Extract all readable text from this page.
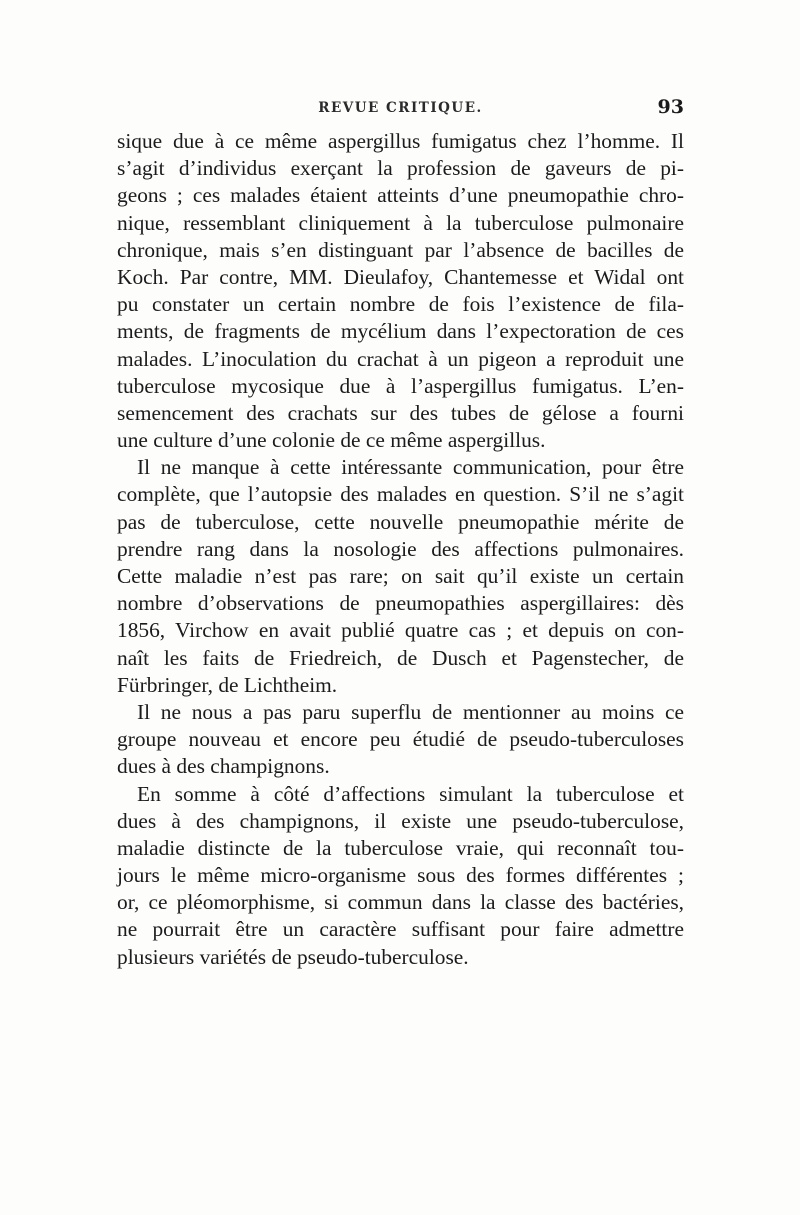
REVUE CRITIQUE.	93
sique due à ce même aspergillus fumigatus chez l’homme. Il
s’agit d’individus exerçant la profession de gaveurs de pi-
geons ; ces malades étaient atteints d’une pneumopathie chro-
nique, ressemblant cliniquement à la tuberculose pulmonaire
chronique, mais s’en distinguant par l’absence de bacilles de
Koch. Par contre, MM. Dieulafoy, Chantemesse et Widal ont
pu constater un certain nombre de fois l’existence de fila-
ments, de fragments de mycélium dans l’expectoration de ces
malades. L’inoculation du crachat à un pigeon a reproduit une
tuberculose mycosique due à l’aspergillus fumigatus. L’en-
semencement des crachats sur des tubes de gélose a fourni
une culture d’une colonie de ce même aspergillus.
Il ne manque à cette intéressante communication, pour être
complète, que l’autopsie des malades en question. S’il ne s’agit
pas de tuberculose, cette nouvelle pneumopathie mérite de
prendre rang dans la nosologie des affections pulmonaires.
Cette maladie n’est pas rare; on sait qu’il existe un certain
nombre d’observations de pneumopathies aspergillaires: dès
1856, Virchow en avait publié quatre cas ; et depuis on con-
naît les faits de Friedreich, de Dusch et Pagenstecher, de
Fürbringer, de Lichtheim.
Il ne nous a pas paru superflu de mentionner au moins ce
groupe nouveau et encore peu étudié de pseudo-tuberculoses
dues à des champignons.
En somme à côté d’affections simulant la tuberculose et
dues à des champignons, il existe une pseudo-tuberculose,
maladie distincte de la tuberculose vraie, qui reconnaît tou-
jours le même micro-organisme sous des formes différentes ;
or, ce pléomorphisme, si commun dans la classe des bactéries,
ne pourrait être un caractère suffisant pour faire admettre
plusieurs variétés de pseudo-tuberculose.
